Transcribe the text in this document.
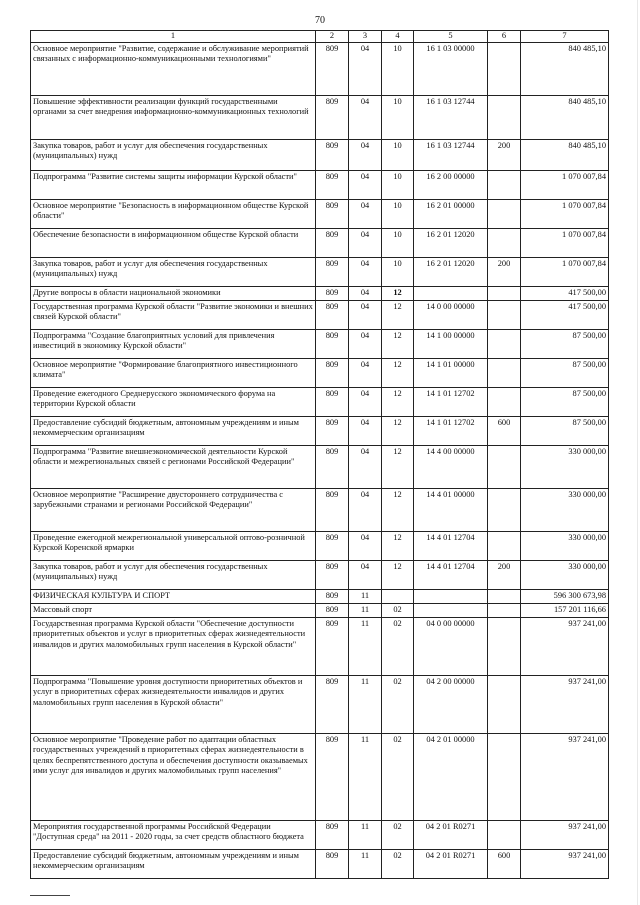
70
1	2	3	4	5	6	7
Основное мероприятие "Развитие, содержание и обслуживание мероприятий связанных с информационно-коммуникационными технологиями"	809	04	10	16 1 03 00000		840 485,10
Повышение эффективности реализации функций государственными органами за счет внедрения информационно-коммуникационных технологий	809	04	10	16 1 03 12744		840 485,10
Закупка товаров, работ и услуг для обеспечения государственных (муниципальных) нужд	809	04	10	16 1 03 12744	200	840 485,10
Подпрограмма "Развитие системы защиты информации Курской области"	809	04	10	16 2 00 00000		1 070 007,84
Основное мероприятие "Безопасность в информационном обществе Курской области"	809	04	10	16 2 01 00000		1 070 007,84
Обеспечение безопасности в информационном обществе Курской области	809	04	10	16 2 01 12020		1 070 007,84
Закупка товаров, работ и услуг для обеспечения государственных (муниципальных) нужд	809	04	10	16 2 01 12020	200	1 070 007,84
Другие вопросы в области национальной экономики	809	04	12			417 500,00
Государственная программа Курской области "Развитие экономики и внешних связей Курской области"	809	04	12	14 0 00 00000		417 500,00
Подпрограмма "Создание благоприятных условий для привлечения инвестиций в экономику Курской области"	809	04	12	14 1 00 00000		87 500,00
Основное мероприятие "Формирование благоприятного инвестиционного климата"	809	04	12	14 1 01 00000		87 500,00
Проведение ежегодного Среднерусского экономического форума на территории Курской области	809	04	12	14 1 01 12702		87 500,00
Предоставление субсидий бюджетным, автономным учреждениям и иным некоммерческим организациям	809	04	12	14 1 01 12702	600	87 500,00
Подпрограмма "Развитие внешнеэкономической деятельности Курской области и межрегиональных связей с регионами Российской Федерации"	809	04	12	14 4 00 00000		330 000,00
Основное мероприятие "Расширение двустороннего сотрудничества с зарубежными странами и регионами Российской Федерации"	809	04	12	14 4 01 00000		330 000,00
Проведение ежегодной межрегиональной универсальной оптово-розничной Курской Коренской ярмарки	809	04	12	14 4 01 12704		330 000,00
Закупка товаров, работ и услуг для обеспечения государственных (муниципальных) нужд	809	04	12	14 4 01 12704	200	330 000,00
ФИЗИЧЕСКАЯ КУЛЬТУРА И СПОРТ	809	11				596 300 673,98
Массовый спорт	809	11	02			157 201 116,66
Государственная программа Курской области "Обеспечение доступности приоритетных объектов и услуг в приоритетных сферах жизнедеятельности инвалидов и других маломобильных групп населения в Курской области"	809	11	02	04 0 00 00000		937 241,00
Подпрограмма "Повышение уровня доступности приоритетных объектов и услуг в приоритетных сферах жизнедеятельности инвалидов и других маломобильных групп населения в Курской области"	809	11	02	04 2 00 00000		937 241,00
Основное мероприятие "Проведение работ по адаптации областных государственных учреждений в приоритетных сферах жизнедеятельности в целях беспрепятственного доступа и обеспечения доступности оказываемых ими услуг для инвалидов и других маломобильных групп населения"	809	11	02	04 2 01 00000		937 241,00
Мероприятия государственной программы Российской Федерации "Доступная среда" на 2011 - 2020 годы, за счет средств областного бюджета	809	11	02	04 2 01 R0271		937 241,00
Предоставление субсидий бюджетным, автономным учреждениям и иным некоммерческим организациям	809	11	02	04 2 01 R0271	600	937 241,00
